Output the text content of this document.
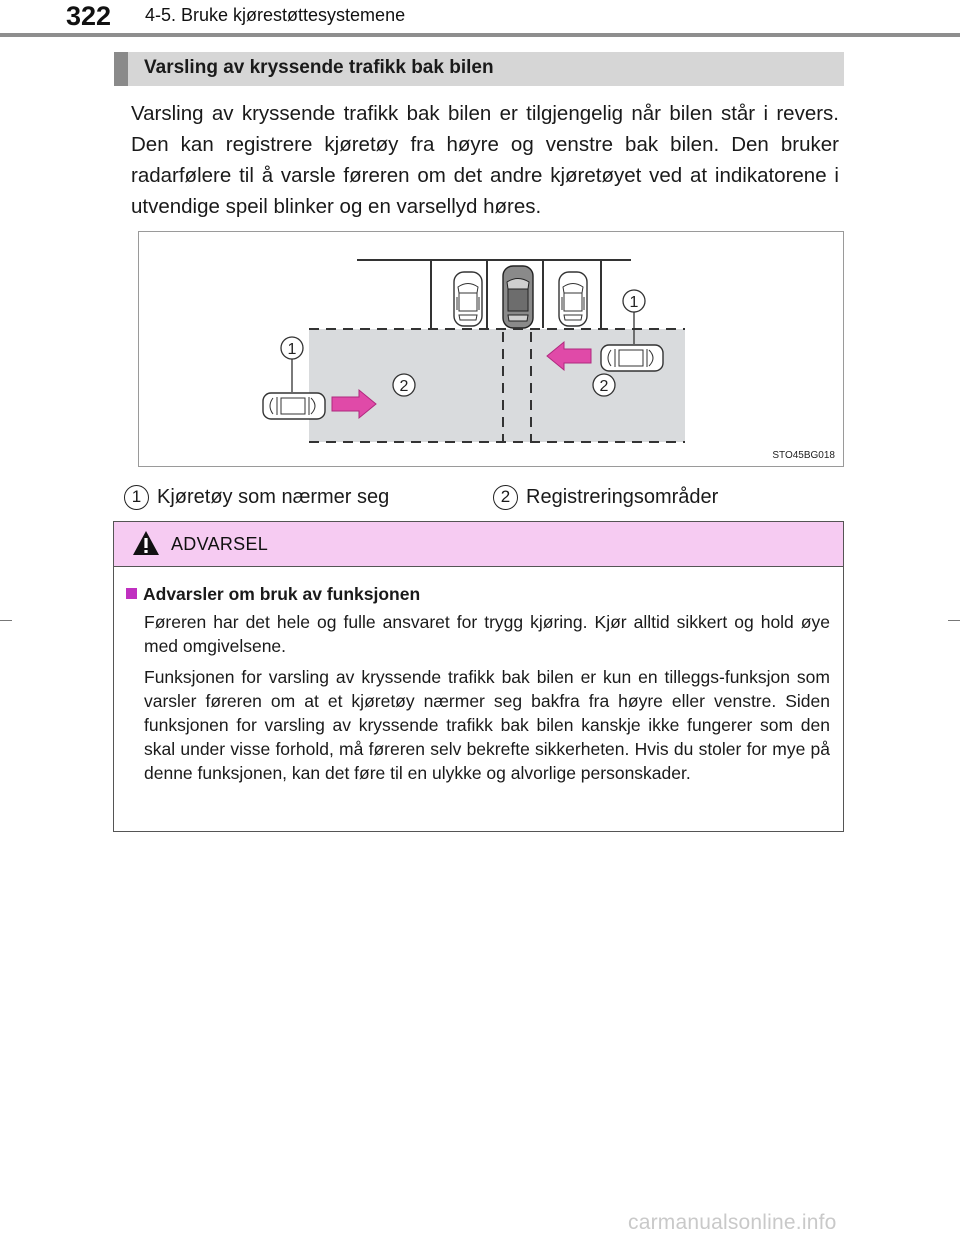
322 4-5. Bruke kjørestøttesystemene
Varsling av kryssende trafikk bak bilen
Varsling av kryssende trafikk bak bilen er tilgjengelig når bilen står i revers. Den kan registrere kjøretøy fra høyre og venstre bak bilen. Den bruker radarfølere til å varsle føreren om det andre kjøretøyet ved at indikatorene i utvendige speil blinker og en varsellyd høres.
1
1
2	2
STO45BG018
1 Kjøretøy som nærmer seg	2 Registreringsområder
ADVARSEL
Advarsler om bruk av funksjonen

Føreren har det hele og fulle ansvaret for trygg kjøring. Kjør alltid sikkert og hold øye med omgivelsene.

Funksjonen for varsling av kryssende trafikk bak bilen er kun en tilleggs-funksjon som varsler føreren om at et kjøretøy nærmer seg bakfra fra høyre eller venstre. Siden funksjonen for varsling av kryssende trafikk bak bilen kanskje ikke fungerer som den skal under visse forhold, må føreren selv bekrefte sikkerheten. Hvis du stoler for mye på denne funksjonen, kan det føre til en ulykke og alvorlige personskader.

carmanualsonline.info
